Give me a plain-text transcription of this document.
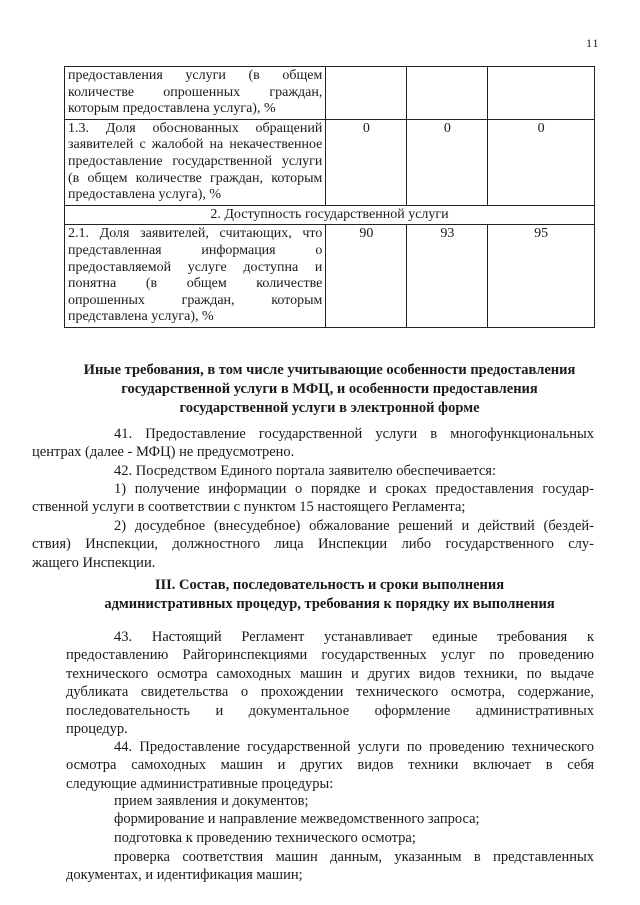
11
предоставления услуги (в общем количестве опрошенных граждан,
которым предоставлена услуга), %			

1.3. Доля обоснованных обращений заявителей с жалобой на некачественное предоставление государственной услуги (в общем количестве граждан, которым
предоставлена услуга), %	0	0	0
2. Доступность государственной услуги			
2.1. Доля заявителей, считающих, что представленная информация о предоставляемой услуге доступна и понятна (в общем количестве опрошенных граждан, которым
представлена услуга), %	90	93	95
Иные требования, в том числе учитывающие особенности предоставления
государственной услуги в МФЦ, и особенности предоставления
государственной услуги в электронной форме
41. Предоставление государственной услуги в многофункциональных
центрах (далее - МФЦ) не предусмотрено.
42. Посредством Единого портала заявителю обеспечивается:
1) получение информации о порядке и сроках предоставления государ-
ственной услуги в соответствии с пунктом 15 настоящего Регламента;
2) досудебное (внесудебное) обжалование решений и действий (бездей-
ствия) Инспекции, должностного лица Инспекции либо государственного слу-
жащего Инспекции.
III. Состав, последовательность и сроки выполнения
административных процедур, требования к порядку их выполнения
43. Настоящий Регламент устанавливает единые требования к
предоставлению Райгоринспекциями государственных услуг по проведению
технического осмотра самоходных машин и других видов техники, по выдаче
дубликата свидетельства о прохождении технического осмотра, содержание,
последовательность и документальное оформление административных
процедур.
44. Предоставление государственной услуги по проведению технического
осмотра самоходных машин и других видов техники включает в себя
следующие административные процедуры:
прием заявления и документов;
формирование и направление межведомственного запроса;
подготовка к проведению технического осмотра;
проверка соответствия машин данным, указанным в представленных
документах, и идентификация машин;
